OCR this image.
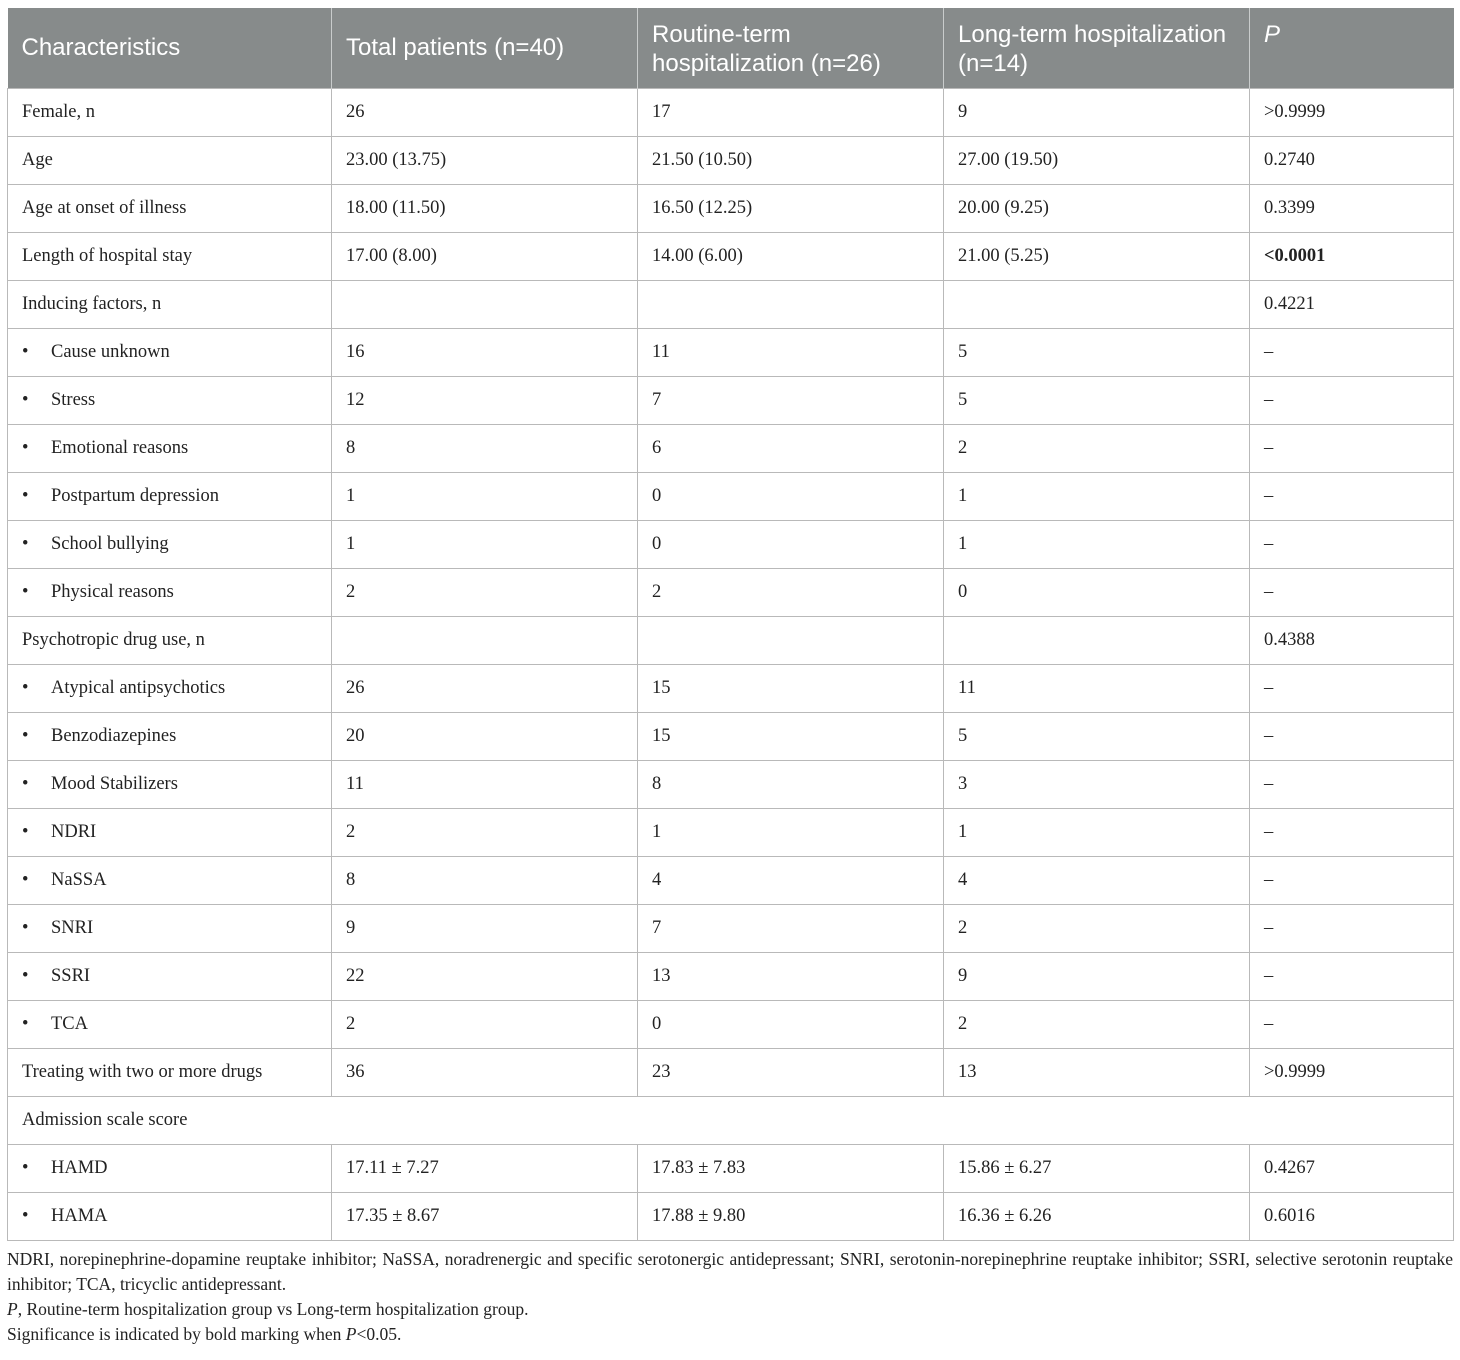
Characteristics	Total patients (n=40)	Routine-term hospitalization (n=26)	Long-term hospitalization (n=14)	P
Female, n	26	17	9	>0.9999
Age	23.00 (13.75)	21.50 (10.50)	27.00 (19.50)	0.2740
Age at onset of illness	18.00 (11.50)	16.50 (12.25)	20.00 (9.25)	0.3399
Length of hospital stay	17.00 (8.00)	14.00 (6.00)	21.00 (5.25)	<0.0001
Inducing factors, n				0.4221
• Cause unknown	16	11	5	–
• Stress	12	7	5	–
• Emotional reasons	8	6	2	–
• Postpartum depression	1	0	1	–
• School bullying	1	0	1	–
• Physical reasons	2	2	0	–
Psychotropic drug use, n				0.4388
• Atypical antipsychotics	26	15	11	–
• Benzodiazepines	20	15	5	–
• Mood Stabilizers	11	8	3	–
• NDRI	2	1	1	–
• NaSSA	8	4	4	–
• SNRI	9	7	2	–
• SSRI	22	13	9	–
• TCA	2	0	2	–
Treating with two or more drugs	36	23	13	>0.9999
Admission scale score				
• HAMD	17.11 ± 7.27	17.83 ± 7.83	15.86 ± 6.27	0.4267
• HAMA	17.35 ± 8.67	17.88 ± 9.80	16.36 ± 6.26	0.6016

NDRI, norepinephrine-dopamine reuptake inhibitor; NaSSA, noradrenergic and specific serotonergic antidepressant; SNRI, serotonin-norepinephrine reuptake inhibitor; SSRI, selective serotonin reuptake inhibitor; TCA, tricyclic antidepressant.

P, Routine-term hospitalization group vs Long-term hospitalization group.

Significance is indicated by bold marking when P<0.05.
